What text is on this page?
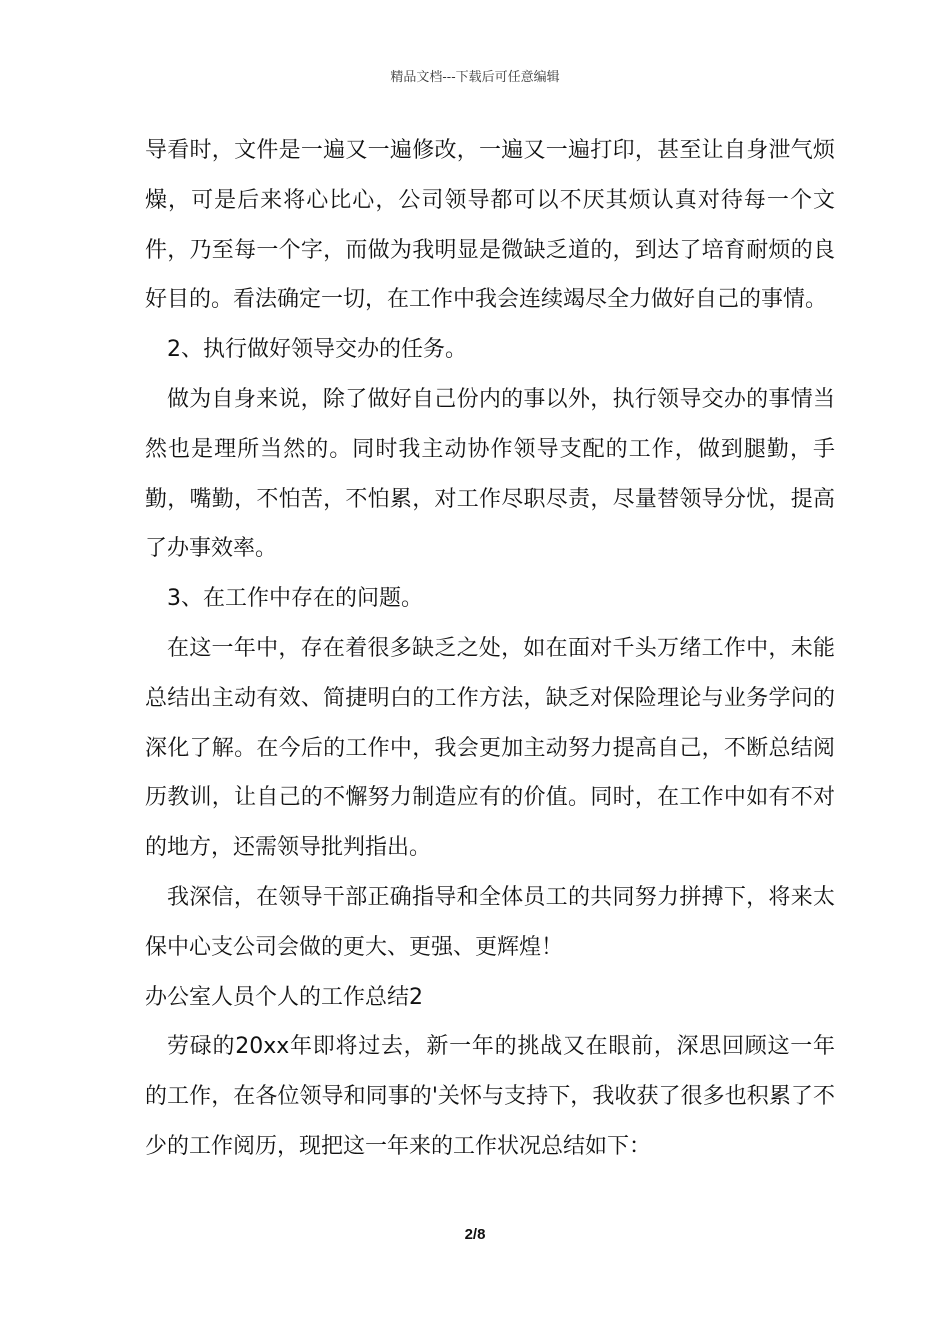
精品文档---下载后可任意编辑

导看时，文件是一遍又一遍修改，一遍又一遍打印，甚至让自身泄气烦燥，可是后来将心比心，公司领导都可以不厌其烦认真对待每一个文件，乃至每一个字，而做为我明显是微缺乏道的，到达了培育耐烦的良好目的。看法确定一切，在工作中我会连续竭尽全力做好自己的事情。

2、执行做好领导交办的任务。

做为自身来说，除了做好自己份内的事以外，执行领导交办的事情当然也是理所当然的。同时我主动协作领导支配的工作，做到腿勤，手勤，嘴勤，不怕苦，不怕累，对工作尽职尽责，尽量替领导分忧，提高了办事效率。

3、在工作中存在的问题。

在这一年中，存在着很多缺乏之处，如在面对千头万绪工作中，未能总结出主动有效、简捷明白的工作方法，缺乏对保险理论与业务学问的深化了解。在今后的工作中，我会更加主动努力提高自己，不断总结阅历教训，让自己的不懈努力制造应有的价值。同时，在工作中如有不对的地方，还需领导批判指出。

我深信，在领导干部正确指导和全体员工的共同努力拼搏下，将来太保中心支公司会做的更大、更强、更辉煌！

办公室人员个人的工作总结2

劳碌的20xx年即将过去，新一年的挑战又在眼前，深思回顾这一年的工作，在各位领导和同事的'关怀与支持下，我收获了很多也积累了不少的工作阅历，现把这一年来的工作状况总结如下：

2/8
